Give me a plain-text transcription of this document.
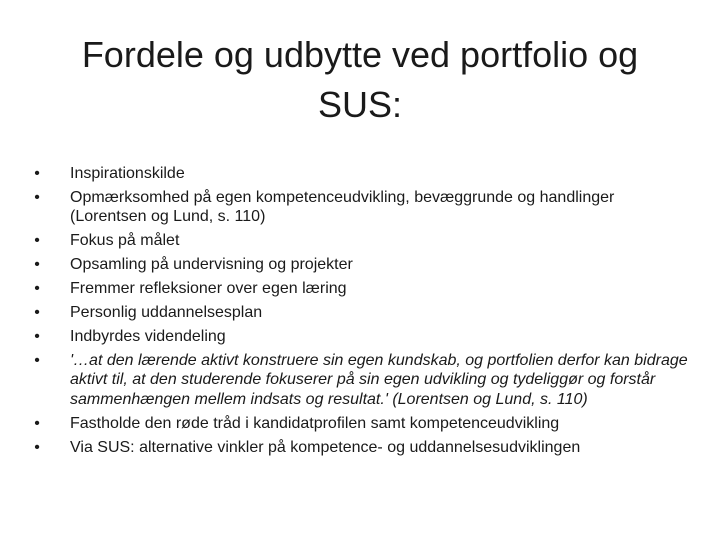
Fordele og udbytte ved portfolio og SUS:
• Inspirationskilde
• Opmærksomhed på egen kompetenceudvikling, bevæggrunde og handlinger (Lorentsen og Lund, s. 110)
• Fokus på målet
• Opsamling på undervisning og projekter
• Fremmer refleksioner over egen læring
• Personlig uddannelsesplan
• Indbyrdes videndeling
• '…at den lærende aktivt konstruere sin egen kundskab, og portfolien derfor kan bidrage aktivt til, at den studerende fokuserer på sin egen udvikling og tydeliggør og forstår sammenhængen mellem indsats og resultat.' (Lorentsen og Lund, s. 110)
• Fastholde den røde tråd i kandidatprofilen samt kompetenceudvikling
• Via SUS: alternative vinkler på kompetence- og uddannelsesudviklingen
